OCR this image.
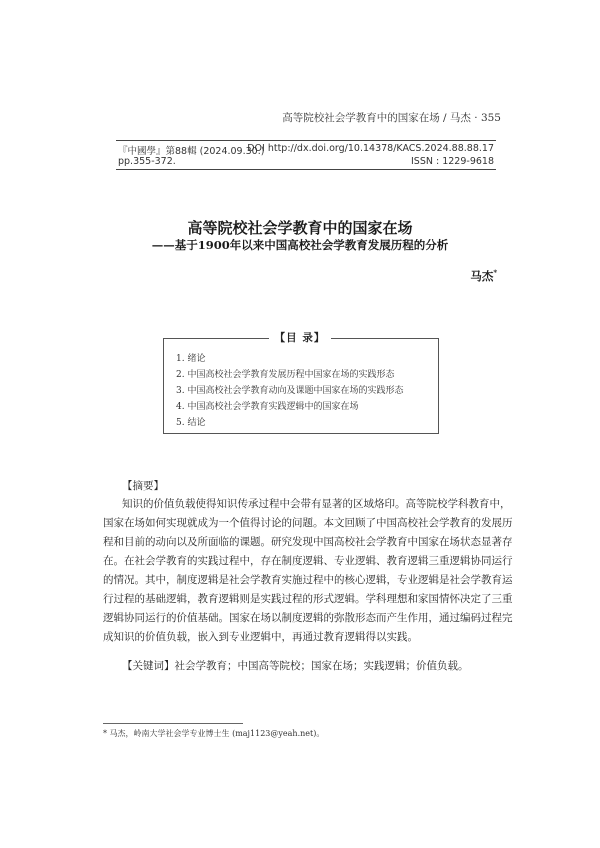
高等院校社会学教育中的国家在场 / 马杰 · 355
『中國學』第88輯 (2024.09.30.)
pp.355-372.
DOI http://dx.doi.org/10.14378/KACS.2024.88.88.17
ISSN : 1229-9618
高等院校社会学教育中的国家在场
——基于1900年以来中国高校社会学教育发展历程的分析
马杰*
【目 录】
1. 绪论
2. 中国高校社会学教育发展历程中国家在场的实践形态
3. 中国高校社会学教育动向及课题中国家在场的实践形态
4. 中国高校社会学教育实践逻辑中的国家在场
5. 结论
【摘要】
知识的价值负载使得知识传承过程中会带有显著的区域烙印。高等院校学科教育中，
国家在场如何实现就成为一个值得讨论的问题。本文回顾了中国高校社会学教育的发展历
程和目前的动向以及所面临的课题。研究发现中国高校社会学教育中国家在场状态显著存
在。在社会学教育的实践过程中，存在制度逻辑、专业逻辑、教育逻辑三重逻辑协同运行
的情况。其中，制度逻辑是社会学教育实施过程中的核心逻辑，专业逻辑是社会学教育运
行过程的基础逻辑，教育逻辑则是实践过程的形式逻辑。学科理想和家国情怀决定了三重
逻辑协同运行的价值基础。国家在场以制度逻辑的弥散形态而产生作用，通过编码过程完
成知识的价值负载，嵌入到专业逻辑中，再通过教育逻辑得以实践。
【关键词】社会学教育；中国高等院校；国家在场；实践逻辑；价值负载。
* 马杰，岭南大学社会学专业博士生 (maj1123@yeah.net)。
